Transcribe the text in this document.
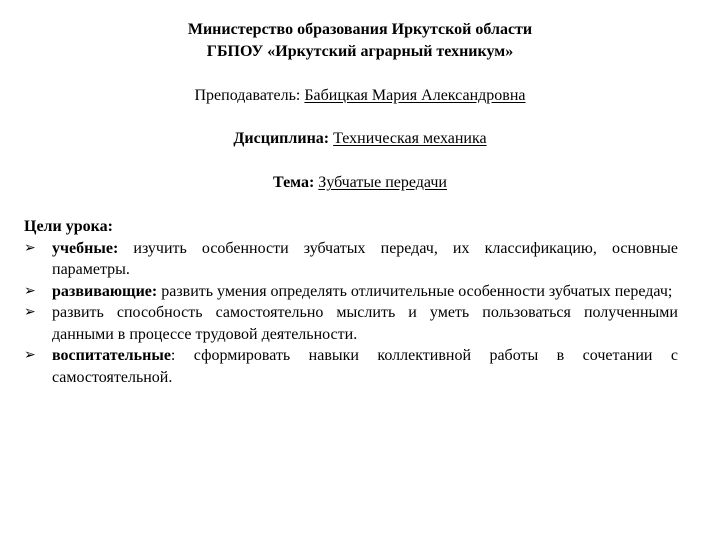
Министерство образования Иркутской области
ГБПОУ «Иркутский аграрный техникум»
Преподаватель: Бабицкая Мария Александровна
Дисциплина: Техническая механика
Тема: Зубчатые передачи
Цели урока:
➢	учебные: изучить особенности зубчатых передач, их классификацию, основные параметры.
➢	развивающие: развить умения определять отличительные особенности зубчатых передач;
➢	развить способность самостоятельно мыслить и уметь пользоваться полученными данными в процессе трудовой деятельности.
➢	воспитательные: сформировать навыки коллективной работы в сочетании с самостоятельной.
